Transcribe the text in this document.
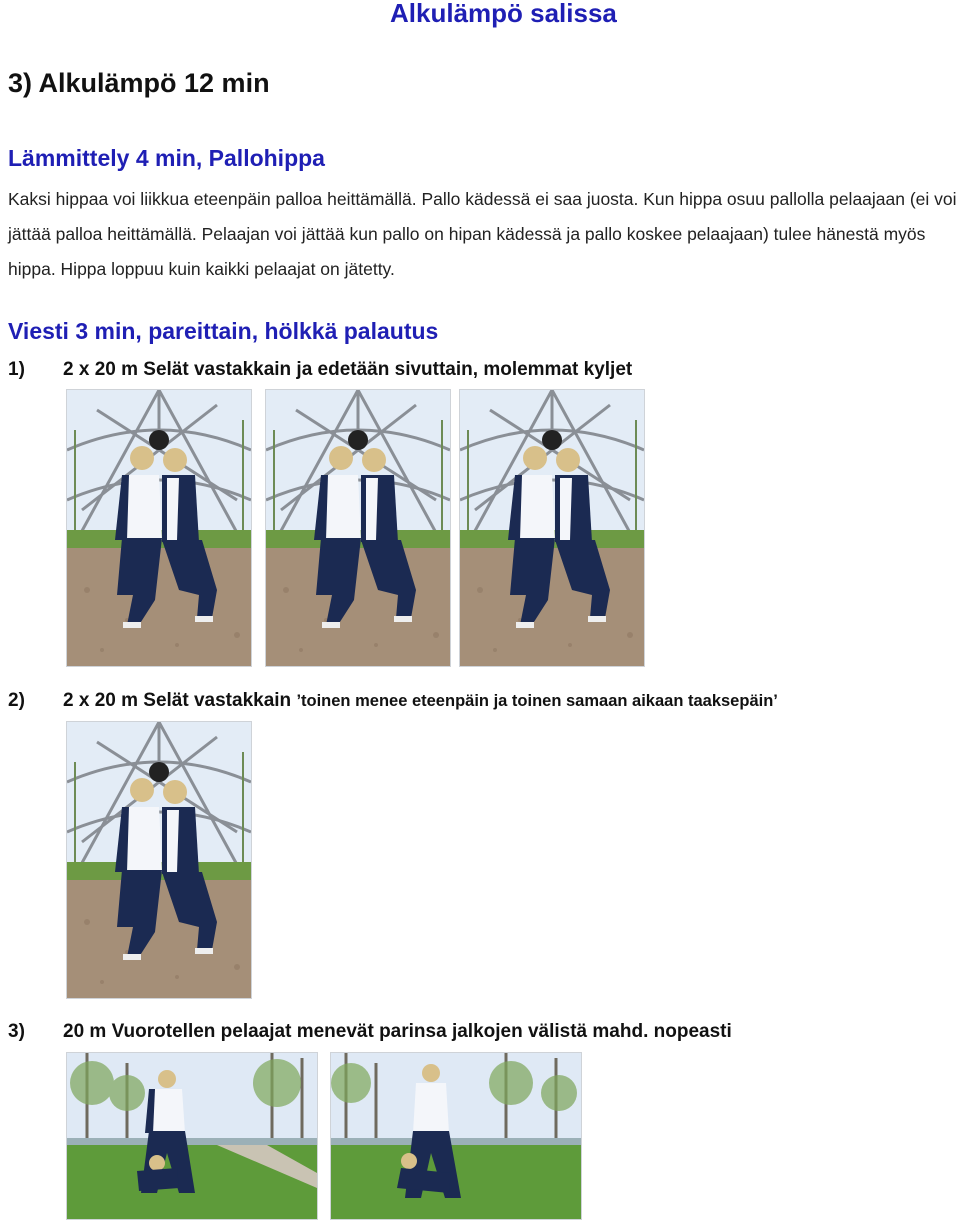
Alkulämpö salissa
3) Alkulämpö 12 min
Lämmittely 4 min, Pallohippa
Kaksi hippaa voi liikkua eteenpäin palloa heittämällä. Pallo kädessä ei saa juosta. Kun hippa osuu pallolla pelaajaan (ei voi jättää palloa heittämällä. Pelaajan voi jättää kun pallo on hipan kädessä ja pallo koskee pelaajaan) tulee hänestä myös hippa. Hippa loppuu kuin kaikki pelaajat on jätetty.
Viesti 3 min, pareittain, hölkkä palautus
1) 2 x 20 m Selät vastakkain ja edetään sivuttain, molemmat kyljet
2) 2 x 20 m Selät vastakkain ’toinen menee eteenpäin ja toinen samaan aikaan taaksepäin’
3) 20 m Vuorotellen pelaajat menevät parinsa jalkojen välistä mahd. nopeasti
